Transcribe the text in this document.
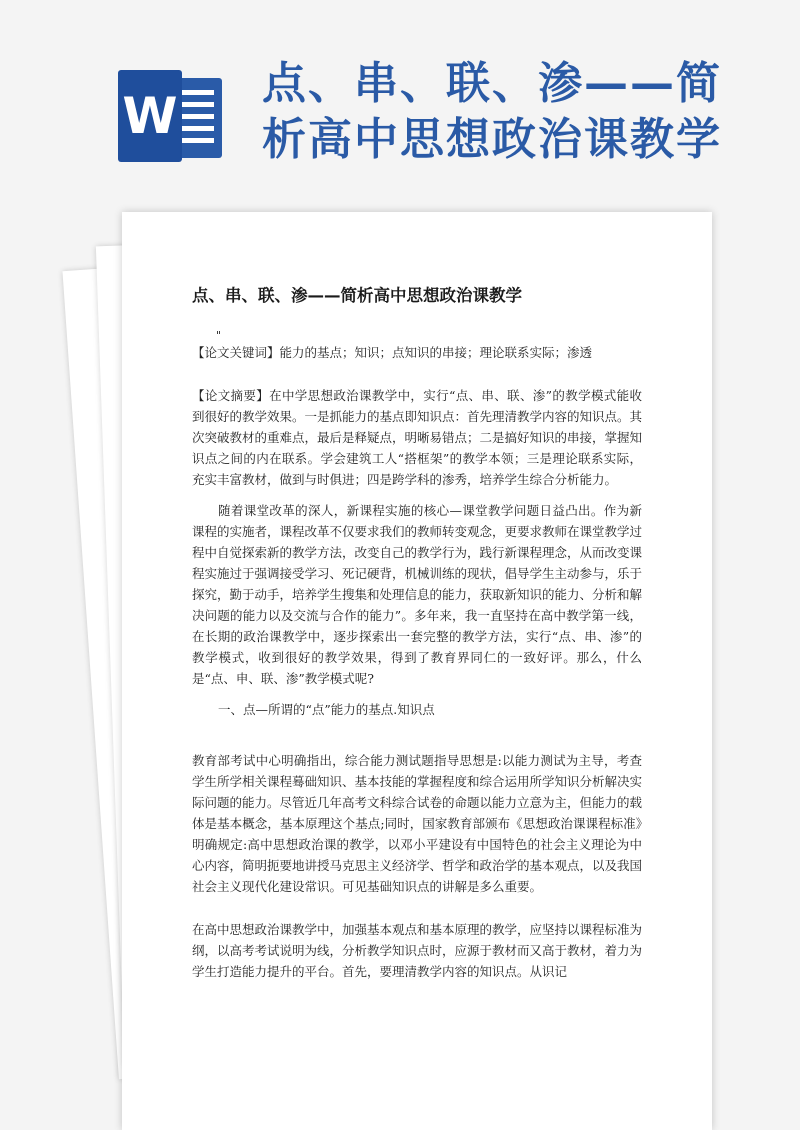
W
点、串、联、渗——简
析高中思想政治课教学
点、串、联、渗——简析高中思想政治课教学
"
【论文关键词】能力的基点；知识；点知识的串接；理论联系实际；渗透
【论文摘要】在中学思想政治课教学中，实行“点、串、联、渗”的教学模式能收到很好的教学效果。一是抓能力的基点即知识点：首先理清教学内容的知识点。其次突破教材的重难点，最后是释疑点，明晰易错点；二是搞好知识的串接，掌握知识点之间的内在联系。学会建筑工人“搭框架”的教学本领；三是理论联系实际，充实丰富教材，做到与时俱进；四是跨学科的渗秀，培养学生综合分析能力。
随着课堂改革的深人，新课程实施的核心—课堂教学问题日益凸出。作为新课程的实施者，课程改革不仅要求我们的教师转变观念，更要求教师在课堂教学过程中自觉探索新的教学方法，改变自己的教学行为，践行新课程理念，从而改变课程实施过于强调接受学习、死记硬背，机械训练的现状，倡导学生主动参与，乐于探究，勤于动手，培养学生搜集和处理信息的能力，获取新知识的能力、分析和解决问题的能力以及交流与合作的能力”。多年来，我一直坚持在高中教学第一线，在长期的政治课教学中，逐步探索出一套完整的教学方法，实行“点、串、渗”的教学模式，收到很好的教学效果，得到了教育界同仁的一致好评。那么，什么是“点、申、联、渗”教学模式呢?
一、点—所谓的“点”能力的基点.知识点
教育部考试中心明确指出，综合能力测试题指导思想是:以能力测试为主导，考查学生所学相关课程蓦础知识、基本技能的掌握程度和综合运用所学知识分析解决实际问题的能力。尽管近几年高考文科综合试卷的命题以能力立意为主，但能力的载体是基本概念，基本原理这个基点;同时，国家教育部颁布《思想政治课课程标准》明确规定:高中思想政治课的教学，以邓小平建设有中国特色的社会主义理论为中心内容，简明扼要地讲授马克思主义经济学、哲学和政治学的基本观点，以及我国社会主义现代化建设常识。可见基础知识点的讲解是多么重要。
在高中思想政治课教学中，加强基本观点和基本原理的教学，应坚持以课程标准为纲，以高考考试说明为线，分析教学知识点时，应源于教材而又高于教材，着力为学生打造能力提升的平台。首先，要理清教学内容的知识点。从识记
